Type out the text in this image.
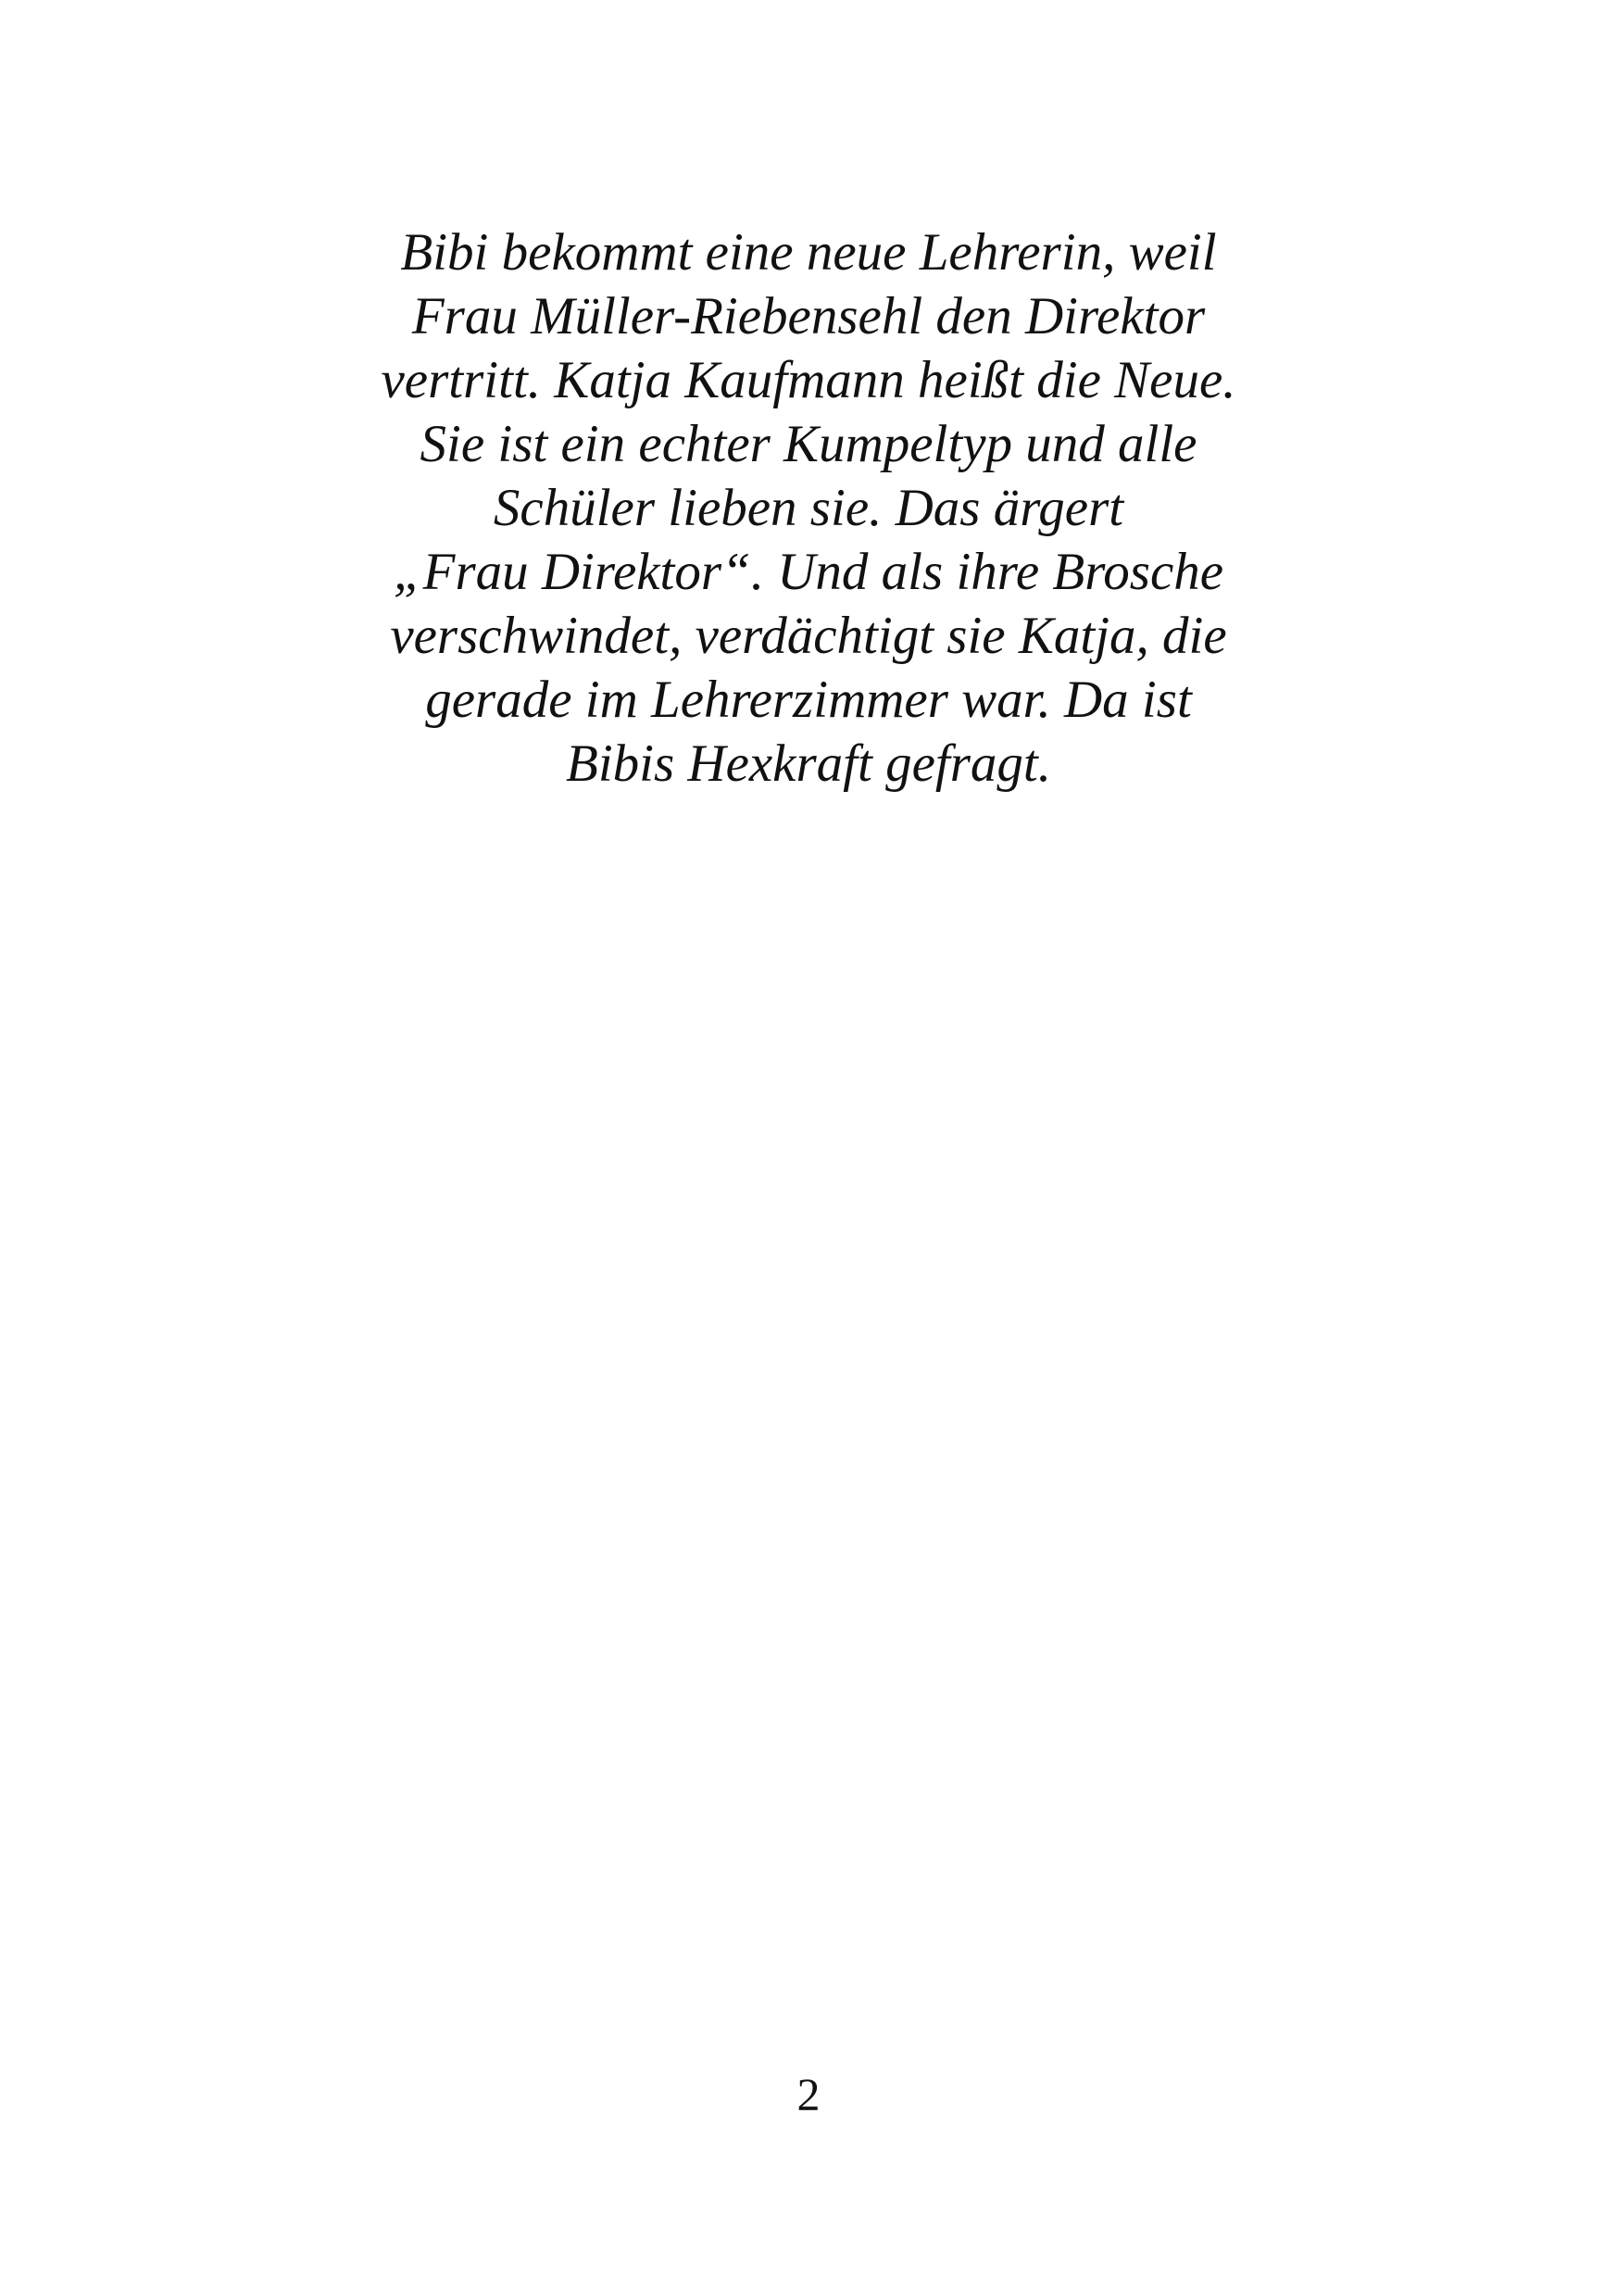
Bibi bekommt eine neue Lehrerin, weil
Frau Müller-Riebensehl den Direktor
vertritt. Katja Kaufmann heißt die Neue.
Sie ist ein echter Kumpeltyp und alle
Schüler lieben sie. Das ärgert
„Frau Direktor“. Und als ihre Brosche
verschwindet, verdächtigt sie Katja, die
gerade im Lehrerzimmer war. Da ist
Bibis Hexkraft gefragt.

2
